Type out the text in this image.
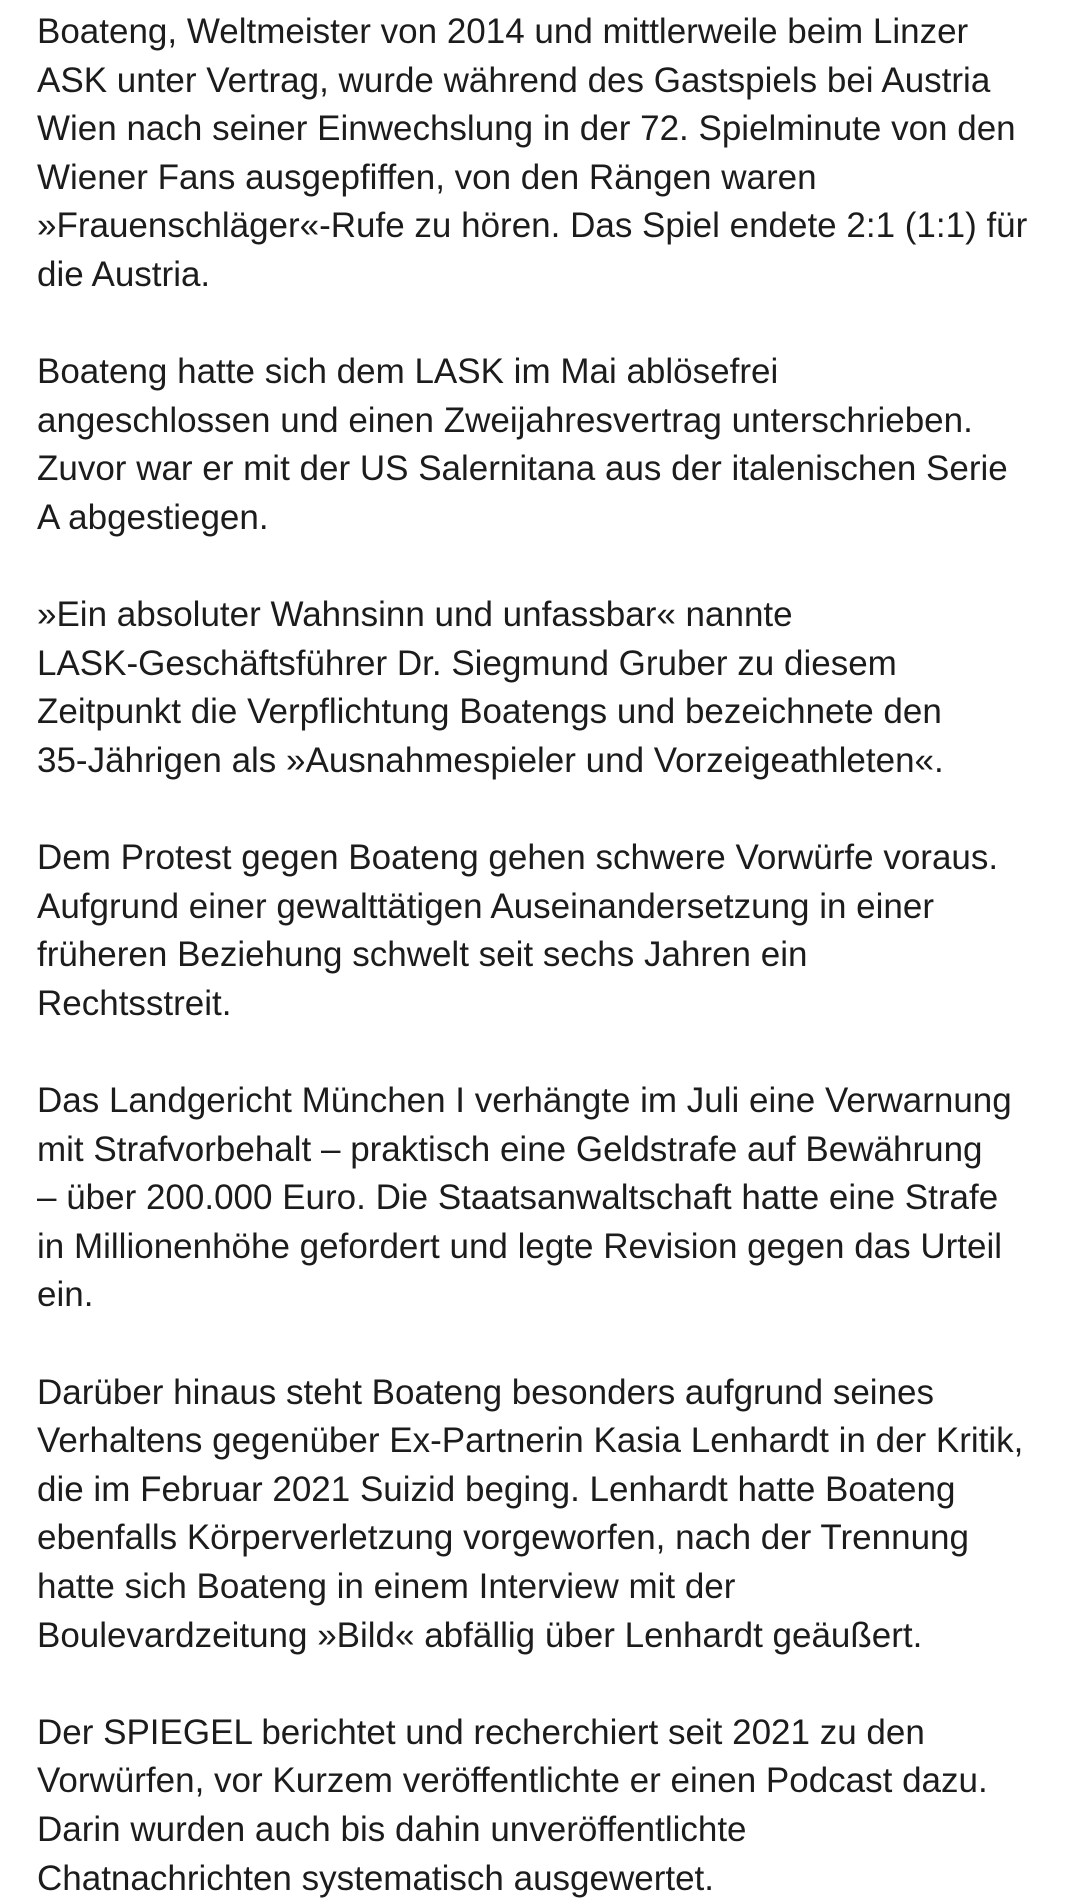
Boateng, Weltmeister von 2014 und mittlerweile beim Linzer
ASK unter Vertrag, wurde während des Gastspiels bei Austria
Wien nach seiner Einwechslung in der 72. Spielminute von den
Wiener Fans ausgepfiffen, von den Rängen waren
»Frauenschläger«-Rufe zu hören. Das Spiel endete 2:1 (1:1) für
die Austria.

Boateng hatte sich dem LASK im Mai ablösefrei
angeschlossen und einen Zweijahresvertrag unterschrieben.
Zuvor war er mit der US Salernitana aus der italenischen Serie
A abgestiegen.

»Ein absoluter Wahnsinn und unfassbar« nannte
LASK-Geschäftsführer Dr. Siegmund Gruber zu diesem
Zeitpunkt die Verpflichtung Boatengs und bezeichnete den
35-Jährigen als »Ausnahmespieler und Vorzeigeathleten«.

Dem Protest gegen Boateng gehen schwere Vorwürfe voraus.
Aufgrund einer gewalttätigen Auseinandersetzung in einer
früheren Beziehung schwelt seit sechs Jahren ein
Rechtsstreit.

Das Landgericht München I verhängte im Juli eine Verwarnung
mit Strafvorbehalt – praktisch eine Geldstrafe auf Bewährung
– über 200.000 Euro. Die Staatsanwaltschaft hatte eine Strafe
in Millionenhöhe gefordert und legte Revision gegen das Urteil
ein.

Darüber hinaus steht Boateng besonders aufgrund seines
Verhaltens gegenüber Ex-Partnerin Kasia Lenhardt in der Kritik,
die im Februar 2021 Suizid beging. Lenhardt hatte Boateng
ebenfalls Körperverletzung vorgeworfen, nach der Trennung
hatte sich Boateng in einem Interview mit der
Boulevardzeitung »Bild« abfällig über Lenhardt geäußert.

Der SPIEGEL berichtet und recherchiert seit 2021 zu den
Vorwürfen, vor Kurzem veröffentlichte er einen Podcast dazu.
Darin wurden auch bis dahin unveröffentlichte
Chatnachrichten systematisch ausgewertet.
